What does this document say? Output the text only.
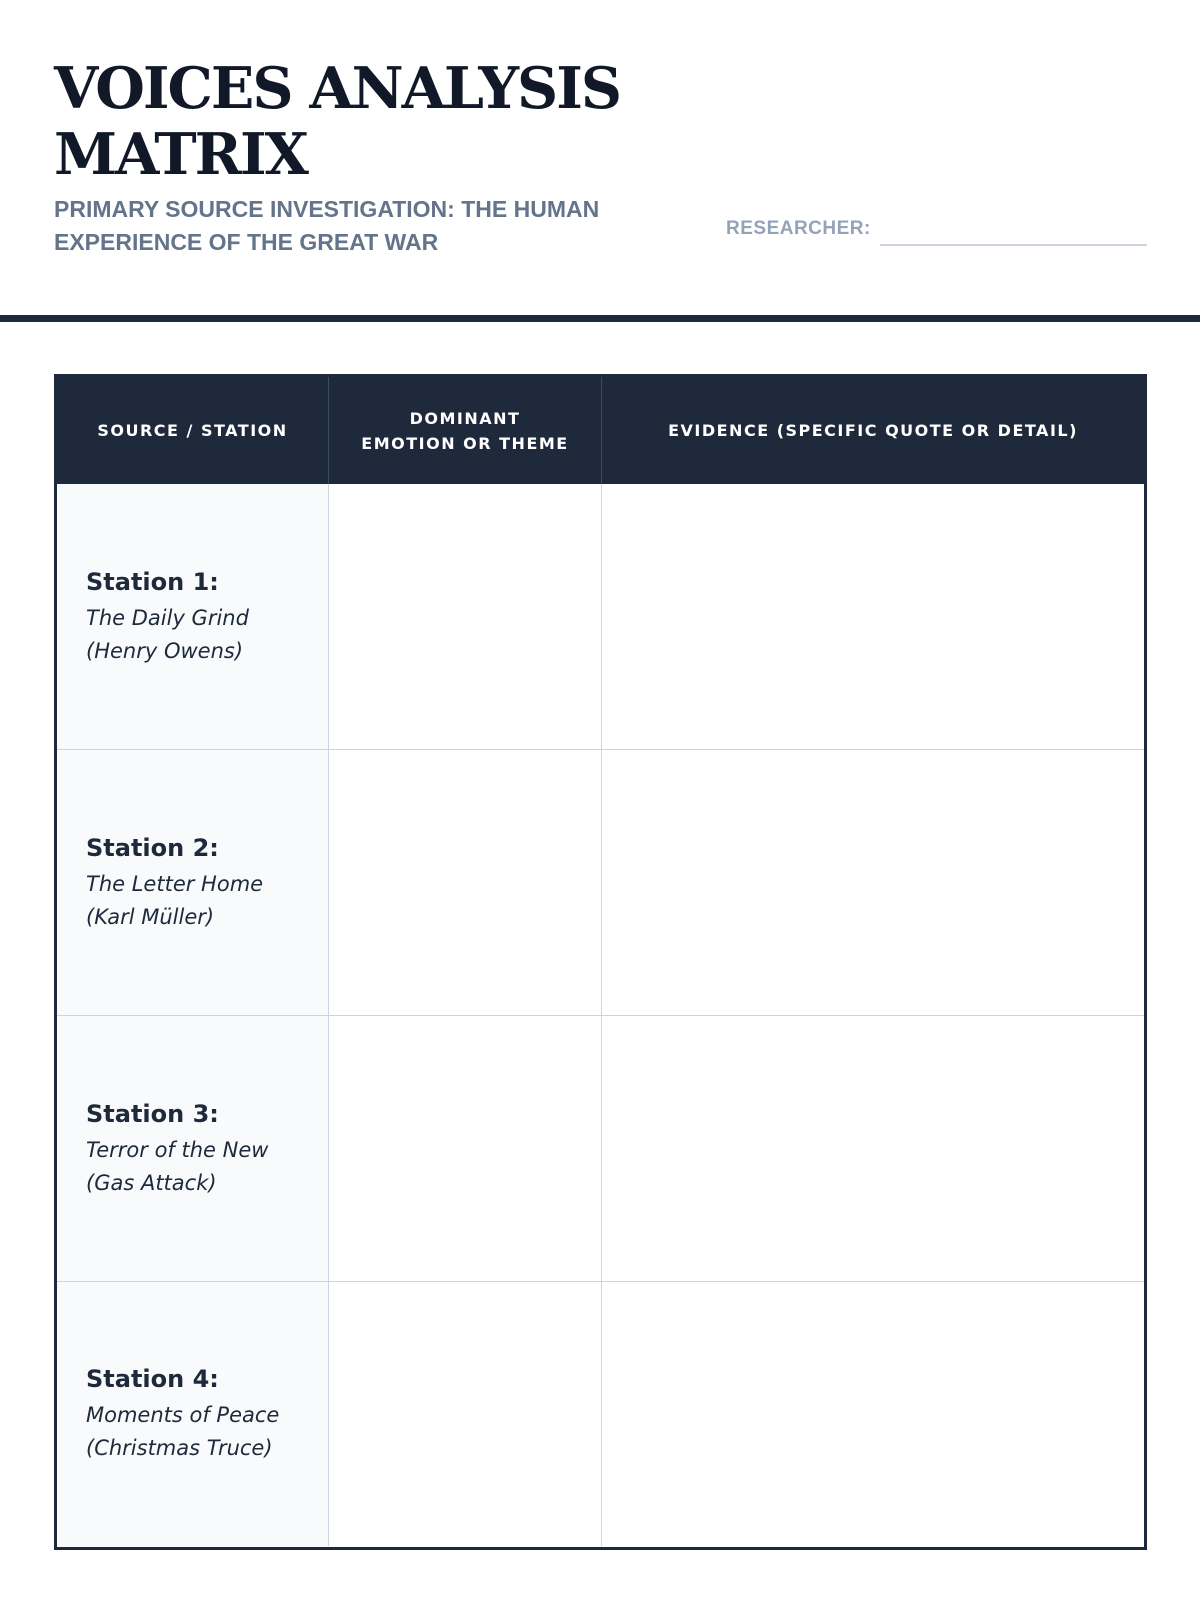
VOICES ANALYSIS MATRIX
PRIMARY SOURCE INVESTIGATION: THE HUMAN EXPERIENCE OF THE GREAT WAR
RESEARCHER:
SOURCE / STATION
DOMINANT EMOTION OR THEME
EVIDENCE (SPECIFIC QUOTE OR DETAIL)
Station 1:
The Daily Grind
(Henry Owens)
Station 2:
The Letter Home
(Karl Müller)
Station 3:
Terror of the New
(Gas Attack)
Station 4:
Moments of Peace
(Christmas Truce)
